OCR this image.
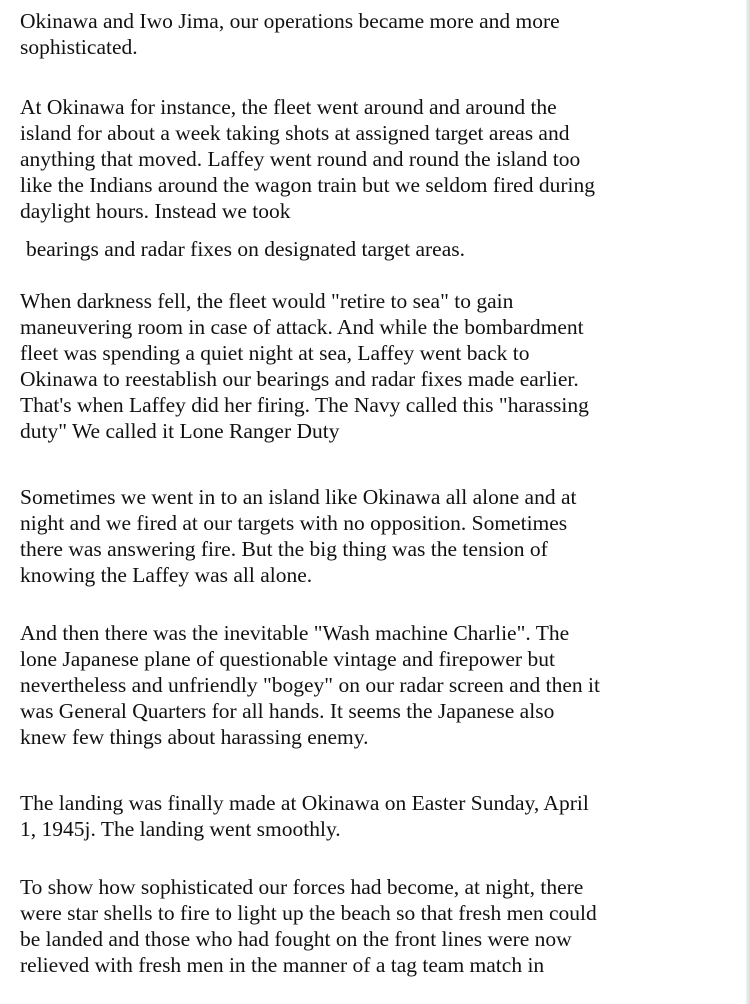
Okinawa and Iwo Jima, our operations became more and more

sophisticated.

At Okinawa for instance, the fleet went around and around the

island for about a week taking shots at assigned target areas and

anything that moved. Laffey went round and round the island too

like the Indians around the wagon train but we seldom fired during

daylight hours. Instead we took

bearings and radar fixes on designated target areas.

When darkness fell, the fleet would "retire to sea" to gain

maneuvering room in case of attack. And while the bombardment

fleet was spending a quiet night at sea, Laffey went back to

Okinawa to reestablish our bearings and radar fixes made earlier.

That's when Laffey did her firing. The Navy called this "harassing

duty" We called it Lone Ranger Duty

Sometimes we went in to an island like Okinawa all alone and at

night and we fired at our targets with no opposition. Sometimes

there was answering fire. But the big thing was the tension of

knowing the Laffey was all alone.

And then there was the inevitable "Wash machine Charlie". The

lone Japanese plane of questionable vintage and firepower but

nevertheless and unfriendly "bogey" on our radar screen and then it

was General Quarters for all hands. It seems the Japanese also

knew few things about harassing enemy.

The landing was finally made at Okinawa on Easter Sunday, April

1, 1945j. The landing went smoothly.

To show how sophisticated our forces had become, at night, there

were star shells to fire to light up the beach so that fresh men could

be landed and those who had fought on the front lines were now

relieved with fresh men in the manner of a tag team match in
